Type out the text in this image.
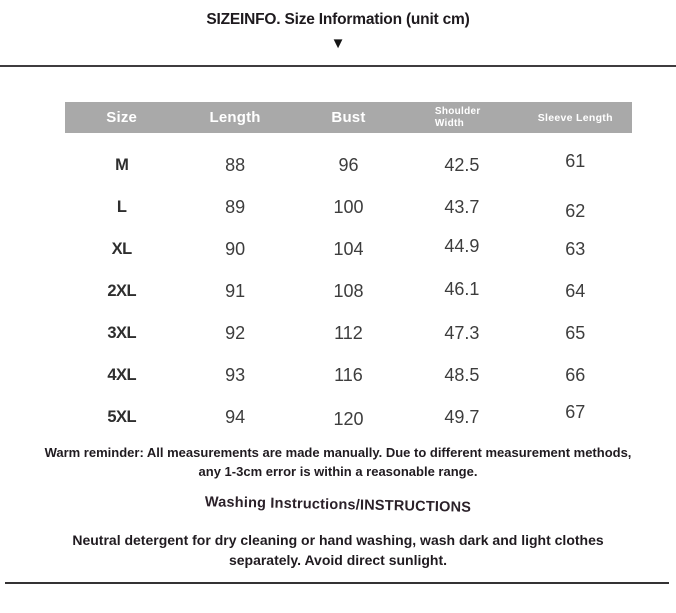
SIZEINFO. Size Information (unit cm)
▼
Size	Length	Bust	Shoulder Width	Sleeve Length
M	88	96	42.5	61
L	89	100	43.7	62
XL	90	104	44.9	63
2XL	91	108	46.1	64
3XL	92	112	47.3	65
4XL	93	116	48.5	66
5XL	94	120	49.7	67
Warm reminder: All measurements are made manually. Due to different measurement methods, any 1-3cm error is within a reasonable range.
Washing Instructions/INSTRUCTIONS
Neutral detergent for dry cleaning or hand washing, wash dark and light clothes separately. Avoid direct sunlight.
